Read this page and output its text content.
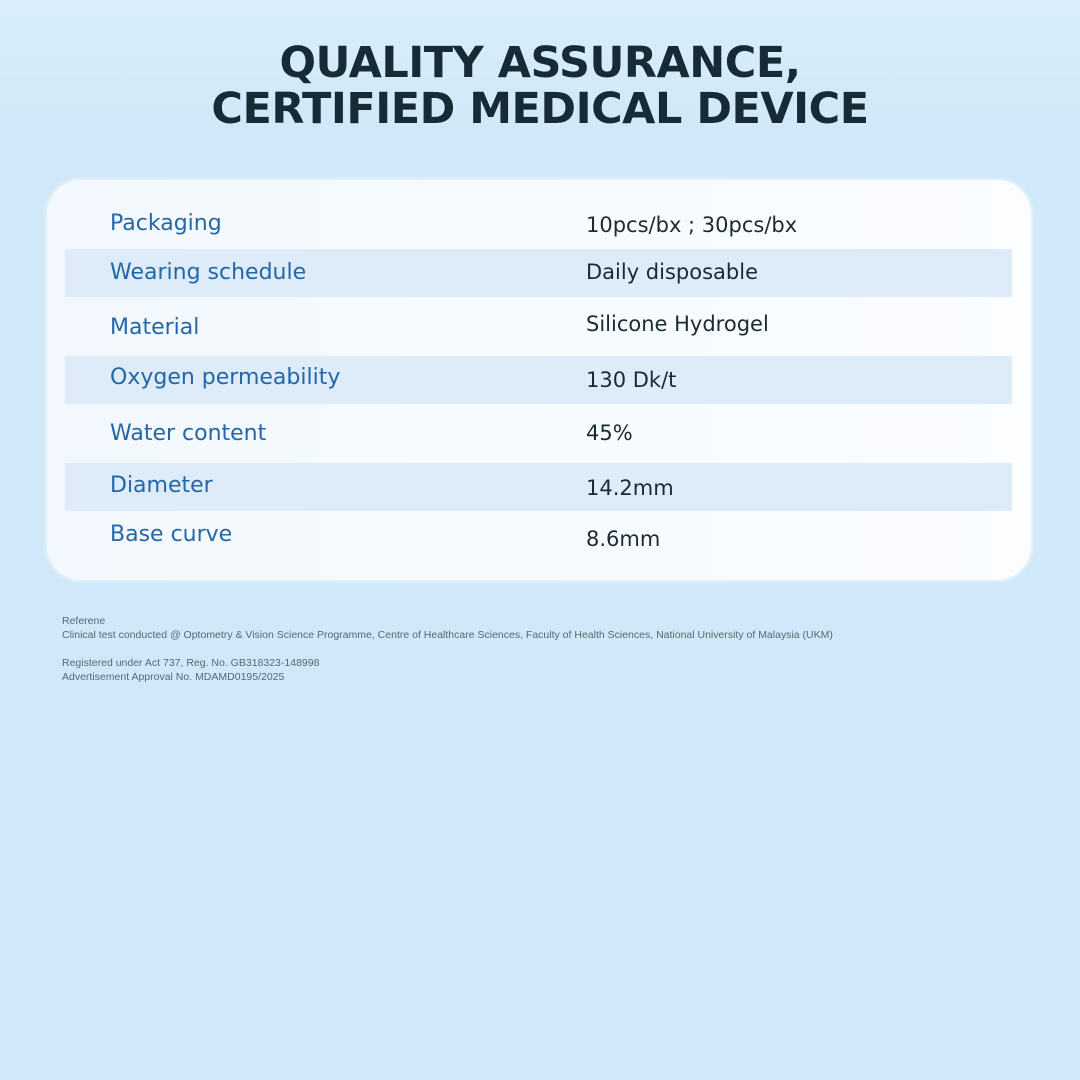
QUALITY ASSURANCE,
CERTIFIED MEDICAL DEVICE
Packaging	10pcs/bx ; 30pcs/bx
Wearing schedule	Daily disposable
Material	Silicone Hydrogel
Oxygen permeability	130 Dk/t
Water content	45%
Diameter	14.2mm
Base curve	8.6mm

Referene

Clinical test conducted @ Optometry & Vision Science Programme, Centre of Healthcare Sciences, Faculty of Health Sciences, National University of Malaysia (UKM)

Registered under Act 737, Reg. No. GB318323-148998

Advertisement Approval No. MDAMD0195/2025
